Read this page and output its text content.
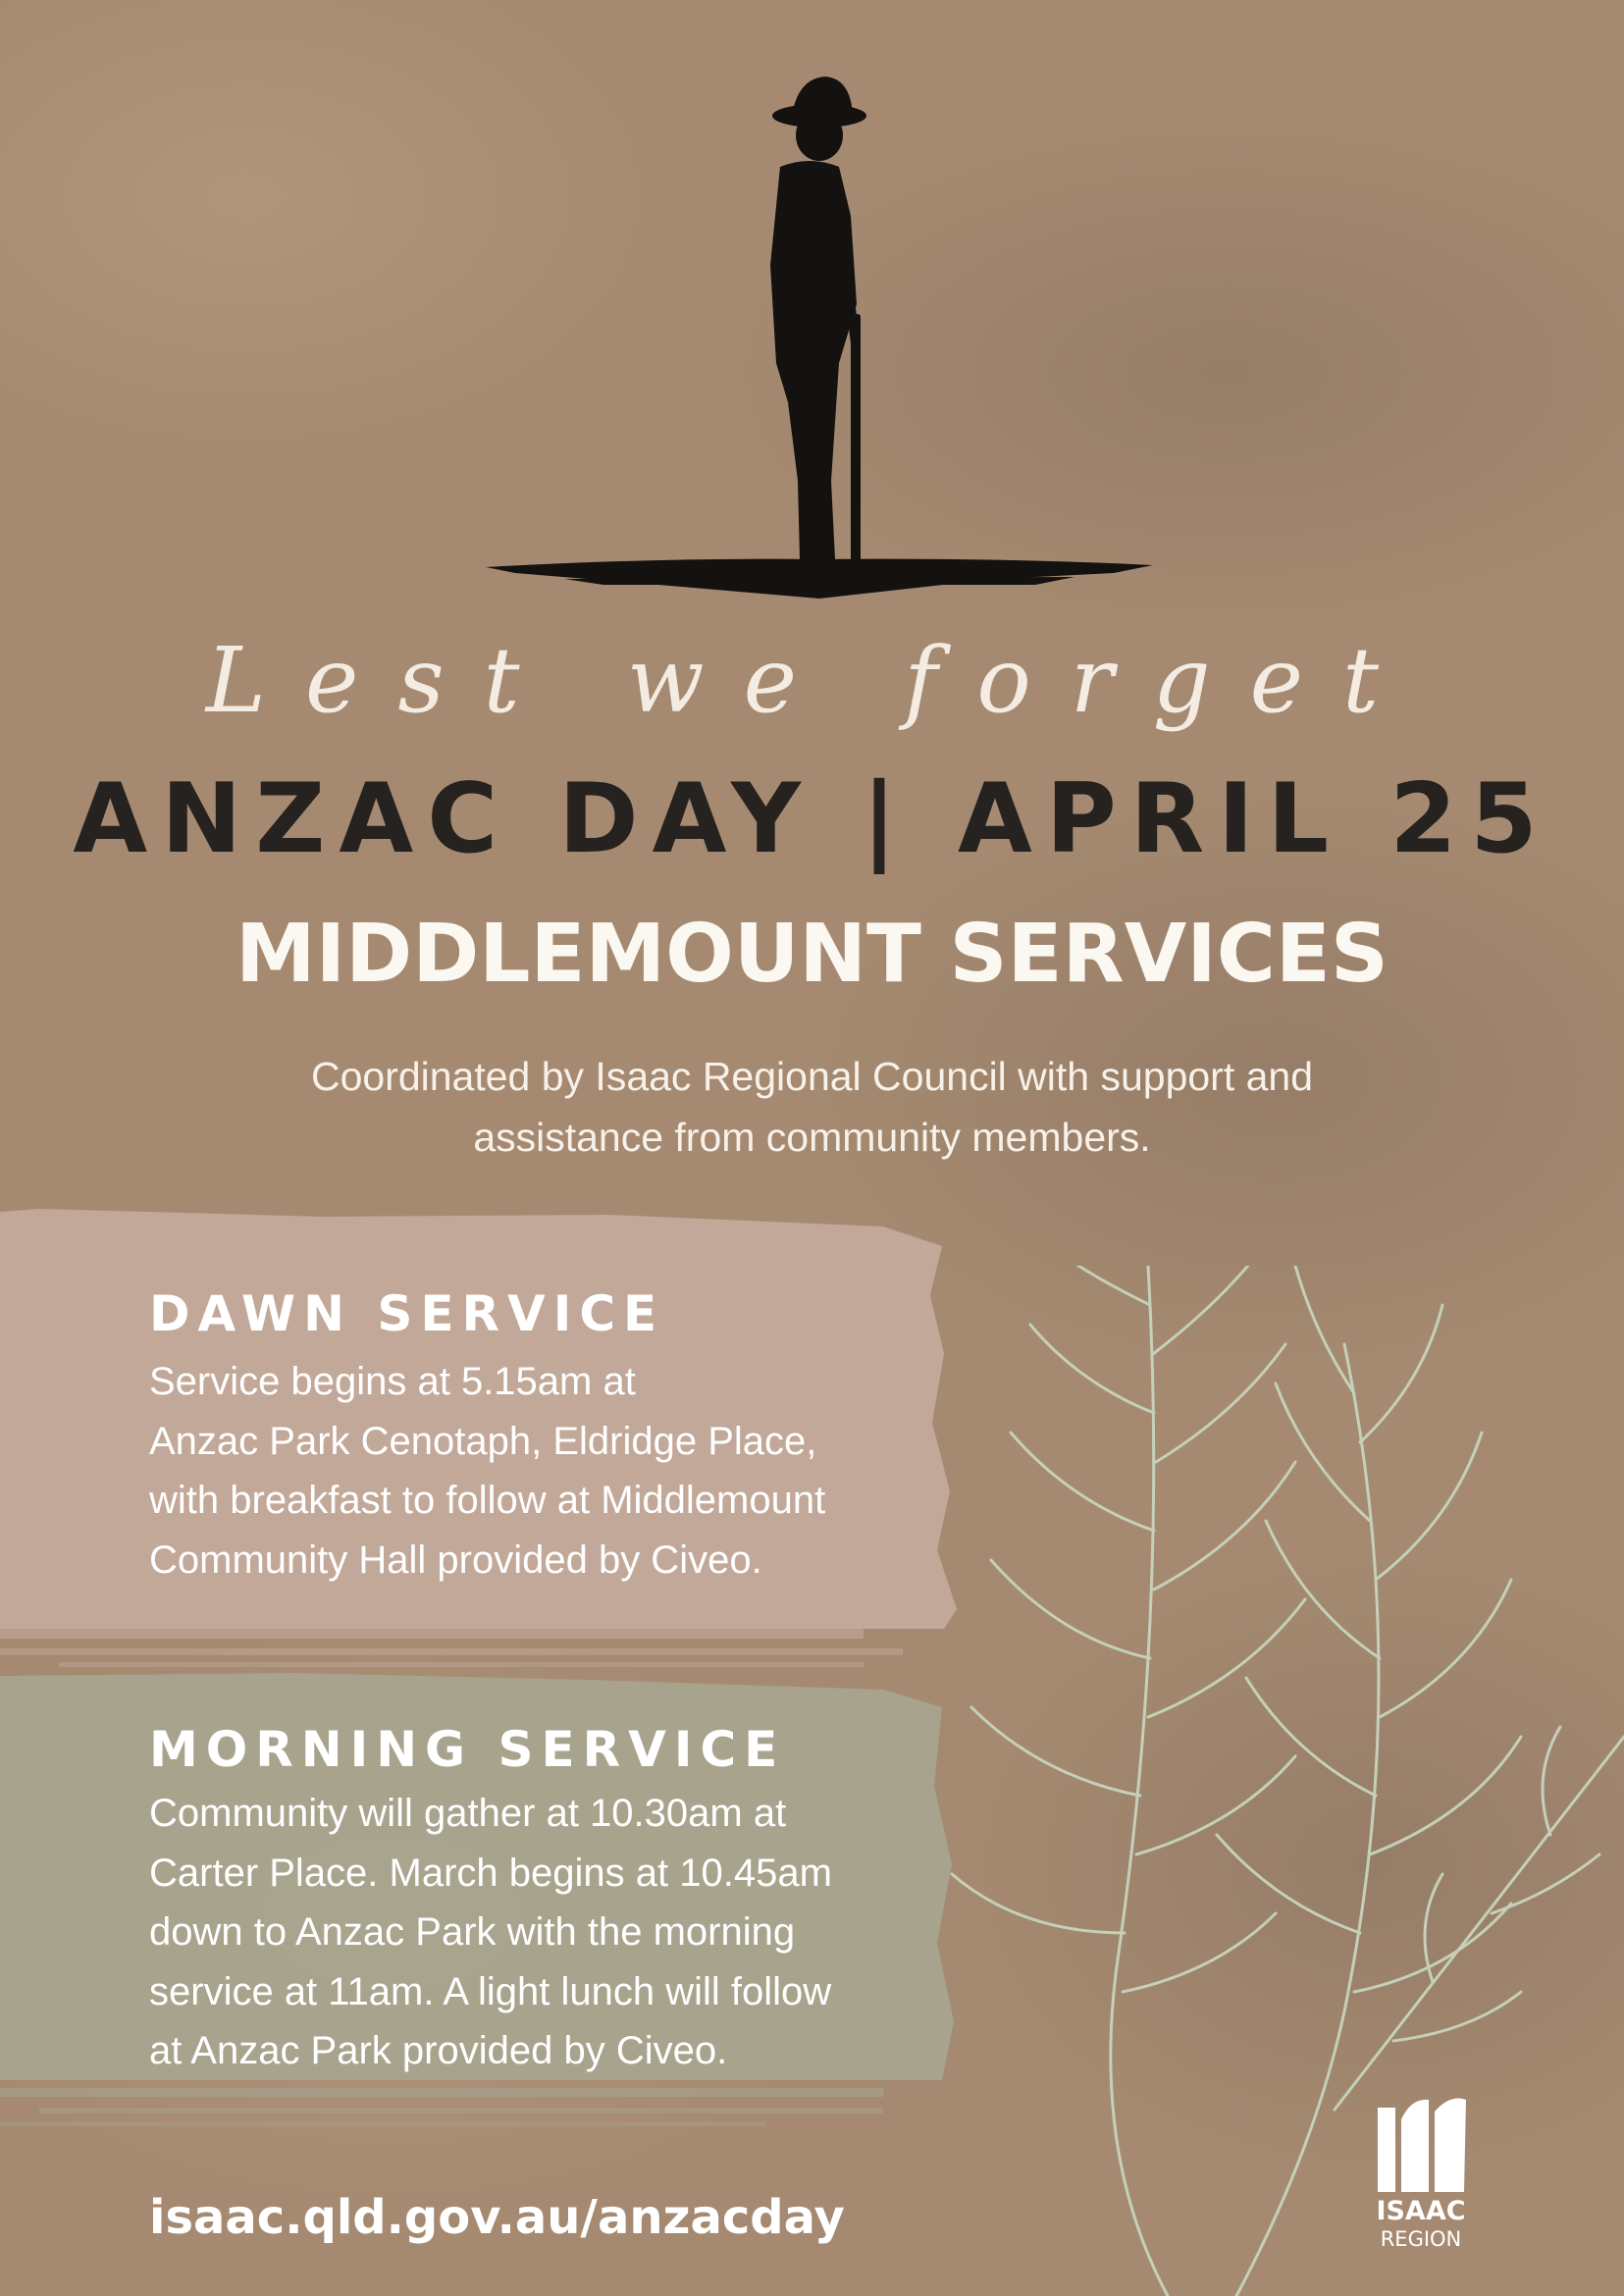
Lest we forget
ANZAC DAY | APRIL 25
MIDDLEMOUNT SERVICES
Coordinated by Isaac Regional Council with support and
assistance from community members.
DAWN SERVICE
Service begins at 5.15am at
Anzac Park Cenotaph, Eldridge Place,
with breakfast to follow at Middlemount
Community Hall provided by Civeo.
MORNING SERVICE
Community will gather at 10.30am at
Carter Place. March begins at 10.45am
down to Anzac Park with the morning
service at 11am. A light lunch will follow
at Anzac Park provided by Civeo.
isaac.qld.gov.au/anzacday	ISAAC
REGION
